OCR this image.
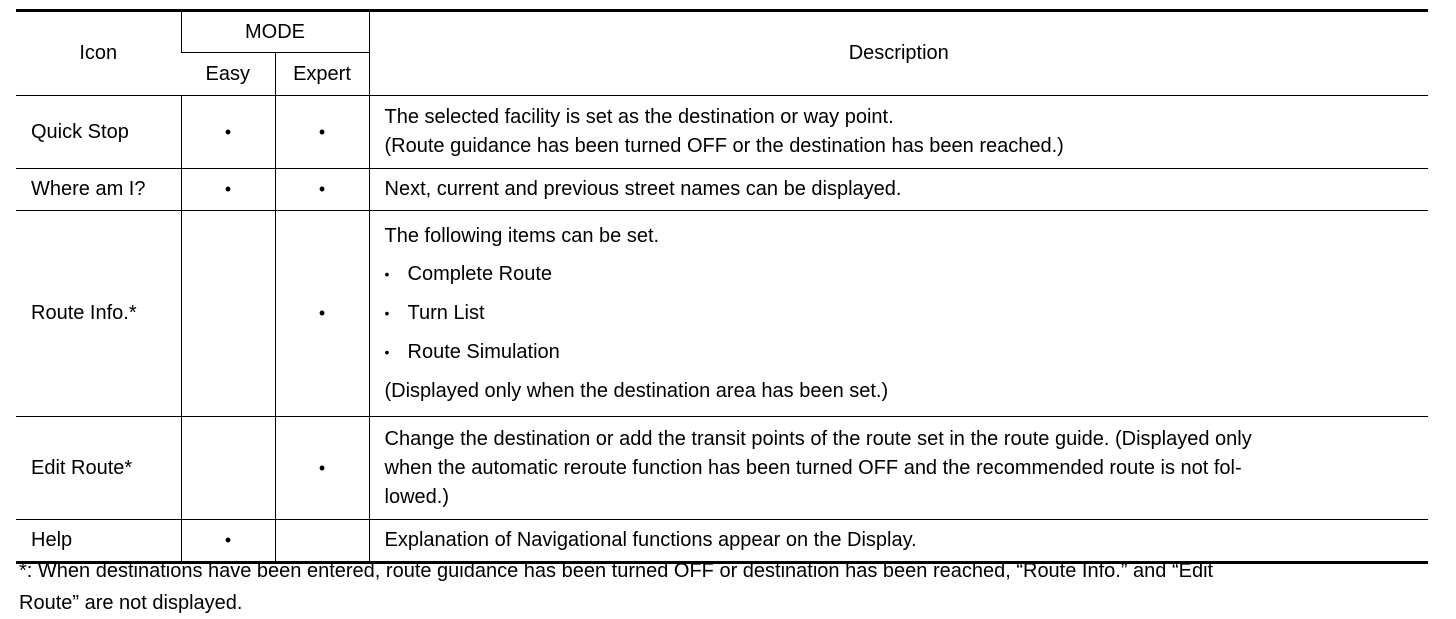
Icon	MODE		Description
	Easy	Expert	
Quick Stop	•	•	The selected facility is set as the destination or way point.
(Route guidance has been turned OFF or the destination has been reached.)

Where am I?	•	•	Next, current and previous street names can be displayed.
Route Info.*		•	The following items can be set.
• Complete Route
• Turn List
• Route Simulation
(Displayed only when the destination area has been set.)

Edit Route*		•	Change the destination or add the transit points of the route set in the route guide. (Displayed only
when the automatic reroute function has been turned OFF and the recommended route is not fol-
lowed.)

Help	•		Explanation of Navigational functions appear on the Display.
*: When destinations have been entered, route guidance has been turned OFF or destination has been reached, “Route Info.” and “Edit
Route” are not displayed.
